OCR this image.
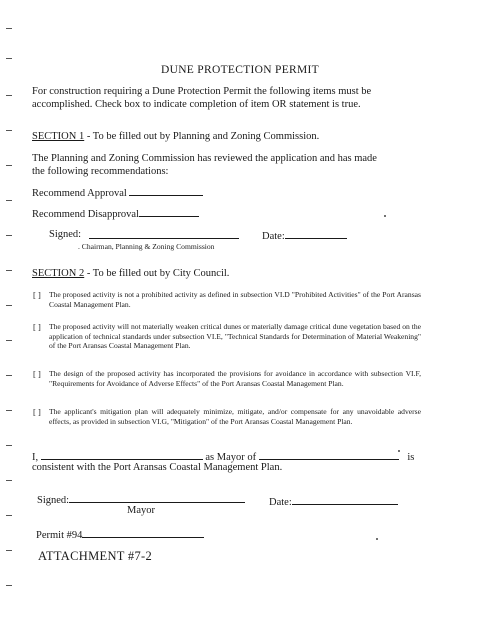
DUNE PROTECTION PERMIT
For construction requiring a Dune Protection Permit the following items must be
accomplished. Check box to indicate completion of item OR statement is true.
SECTION 1 - To be filled out by Planning and Zoning Commission.
The Planning and Zoning Commission has reviewed the application and has made
the following recommendations:
Recommend Approval
Recommend Disapproval
Signed:
. Chairman, Planning & Zoning Commission
Date:
SECTION 2 - To be filled out by City Council.
[ ] The proposed activity is not a prohibited activity as defined in subsection VI.D "Prohibited Activities" of the Port Aransas Coastal Management Plan.
[ ] The proposed activity will not materially weaken critical dunes or materially damage critical dune vegetation based on the application of technical standards under subsection VI.E, "Technical Standards for Determination of Material Weakening" of the Port Aransas Coastal Management Plan.
[ ] The design of the proposed activity has incorporated the provisions for avoidance in accordance with subsection VI.F, "Requirements for Avoidance of Adverse Effects" of the Port Aransas Coastal Management Plan.
[ ] The applicant's mitigation plan will adequately minimize, mitigate, and/or compensate for any unavoidable adverse effects, as provided in subsection VI.G, "Mitigation" of the Port Aransas Coastal Management Plan.
I,	as Mayor of	is
consistent with the Port Aransas Coastal Management Plan.
Signed:
Mayor
Date:
Permit #94
ATTACHMENT #7-2
